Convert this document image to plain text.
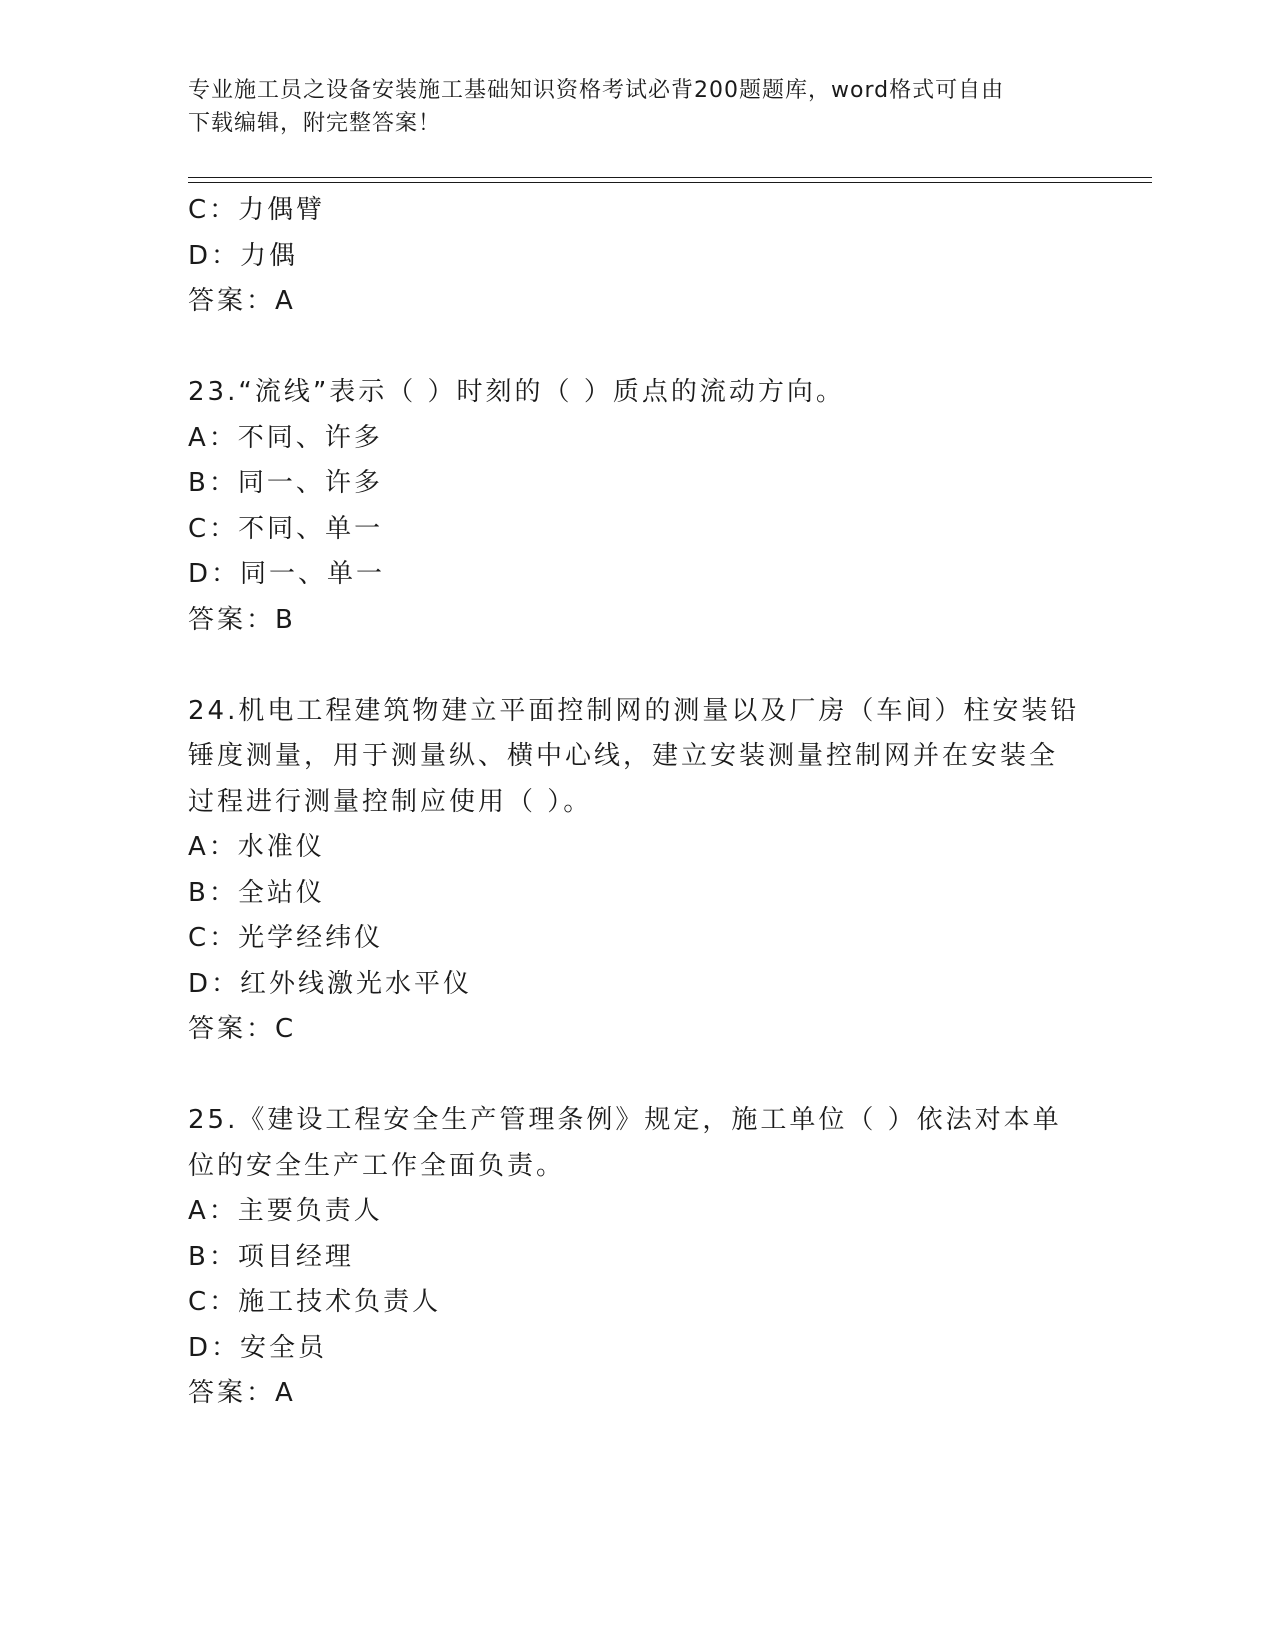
专业施工员之设备安装施工基础知识资格考试必背200题题库，word格式可自由
下载编辑，附完整答案！
C：力偶臂
D：力偶
答案：A
23.“流线”表示（ ）时刻的（ ）质点的流动方向。
A：不同、许多
B：同一、许多
C：不同、单一
D：同一、单一
答案：B
24.机电工程建筑物建立平面控制网的测量以及厂房（车间）柱安装铅
锤度测量，用于测量纵、横中心线，建立安装测量控制网并在安装全
过程进行测量控制应使用（ ）。
A：水准仪
B：全站仪
C：光学经纬仪
D：红外线激光水平仪
答案：C
25.《建设工程安全生产管理条例》规定，施工单位（ ）依法对本单
位的安全生产工作全面负责。
A：主要负责人
B：项目经理
C：施工技术负责人
D：安全员
答案：A
